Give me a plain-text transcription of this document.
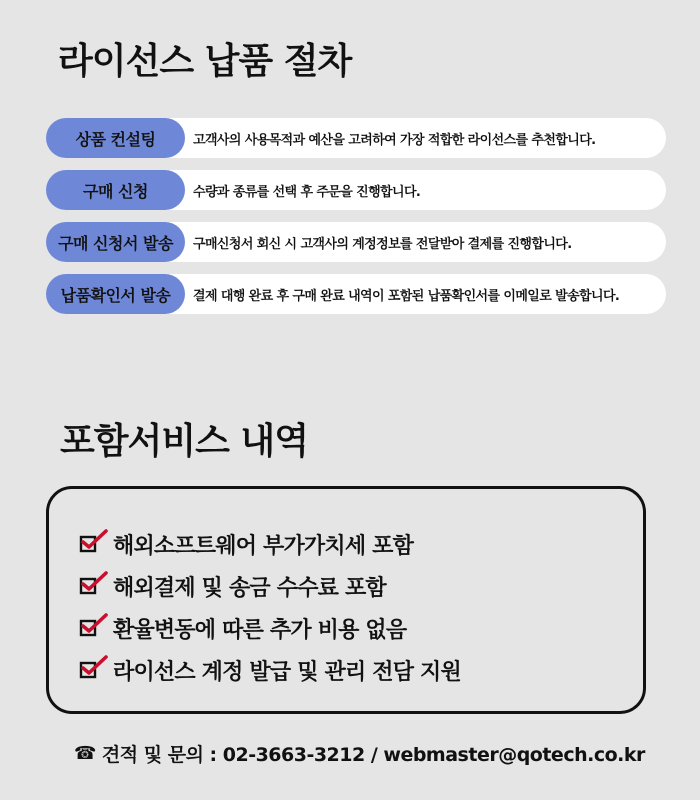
라이선스 납품 절차
상품 컨설팅	고객사의 사용목적과 예산을 고려하여 가장 적합한 라이선스를 추천합니다.
구매 신청	수량과 종류를 선택 후 주문을 진행합니다.
구매 신청서 발송	구매신청서 회신 시 고객사의 계정정보를 전달받아 결제를 진행합니다.
납품확인서 발송	결제 대행 완료 후 구매 완료 내역이 포함된 납품확인서를 이메일로 발송합니다.
포함서비스 내역
해외소프트웨어 부가가치세 포함
해외결제 및 송금 수수료 포함
환율변동에 따른 추가 비용 없음
라이선스 계정 발급 및 관리 전담 지원
☎ 견적 및 문의 : 02-3663-3212 / webmaster@qotech.co.kr
